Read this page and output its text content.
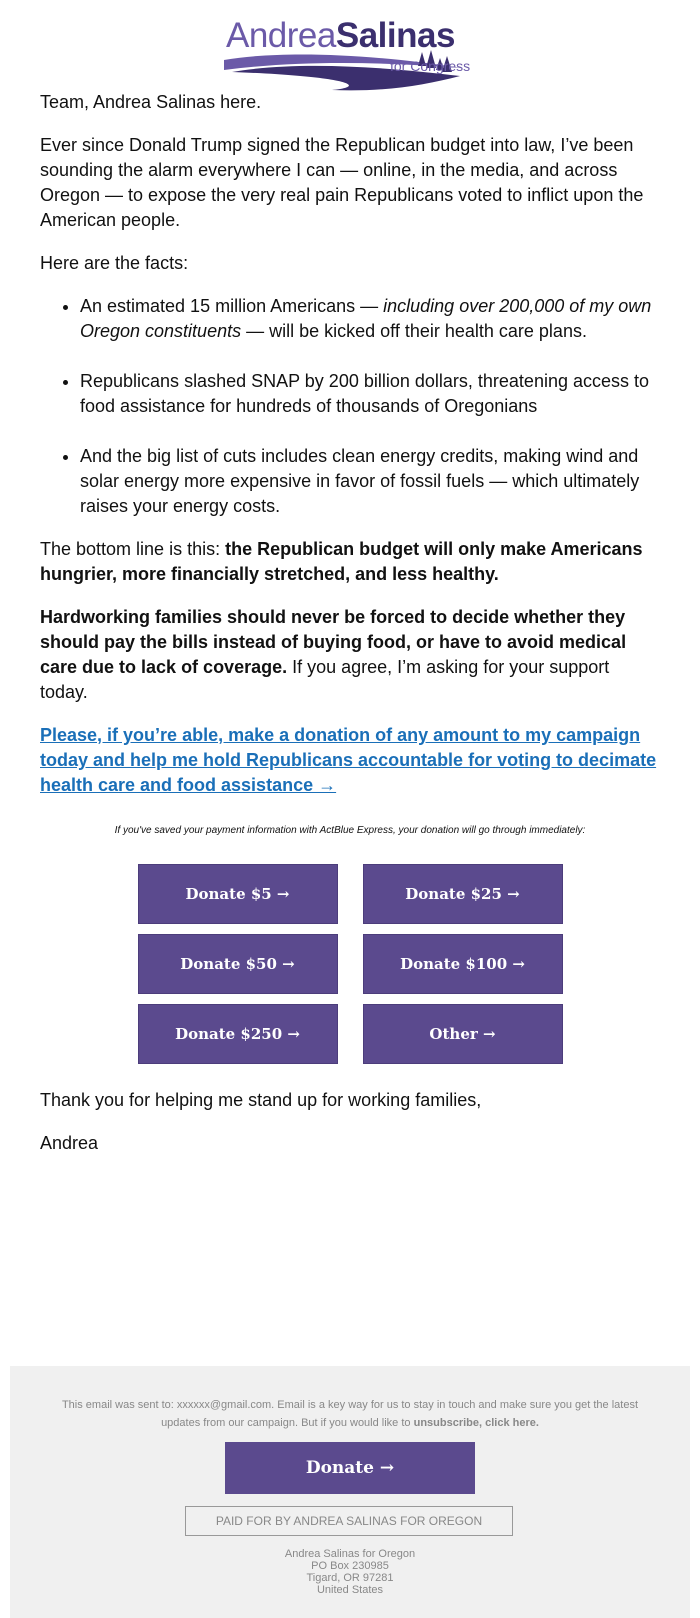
AndreaSalinas
for Congress

Team, Andrea Salinas here.

Ever since Donald Trump signed the Republican budget into law, I’ve been sounding the alarm everywhere I can — online, in the media, and across Oregon — to expose the very real pain Republicans voted to inflict upon the American people.

Here are the facts:

• An estimated 15 million Americans — including over 200,000 of my own Oregon constituents — will be kicked off their health care plans.
• Republicans slashed SNAP by 200 billion dollars, threatening access to food assistance for hundreds of thousands of Oregonians
• And the big list of cuts includes clean energy credits, making wind and solar energy more expensive in favor of fossil fuels — which ultimately raises your energy costs.

The bottom line is this: the Republican budget will only make Americans hungrier, more financially stretched, and less healthy.

Hardworking families should never be forced to decide whether they should pay the bills instead of buying food, or have to avoid medical care due to lack of coverage. If you agree, I’m asking for your support today.

Please, if you’re able, make a donation of any amount to my campaign today and help me hold Republicans accountable for voting to decimate health care and food assistance →

If you've saved your payment information with ActBlue Express, your donation will go through immediately:
Donate $5 →	Donate $25 →
Donate $50 →	Donate $100 →
Donate $250 →	Other →

Thank you for helping me stand up for working families,

Andrea

This email was sent to: xxxxxx@gmail.com. Email is a key way for us to stay in touch and make sure you get the latest updates from our campaign. But if you would like to unsubscribe, click here.
Donate →
PAID FOR BY ANDREA SALINAS FOR OREGON
Andrea Salinas for Oregon
PO Box 230985
Tigard, OR 97281
United States
